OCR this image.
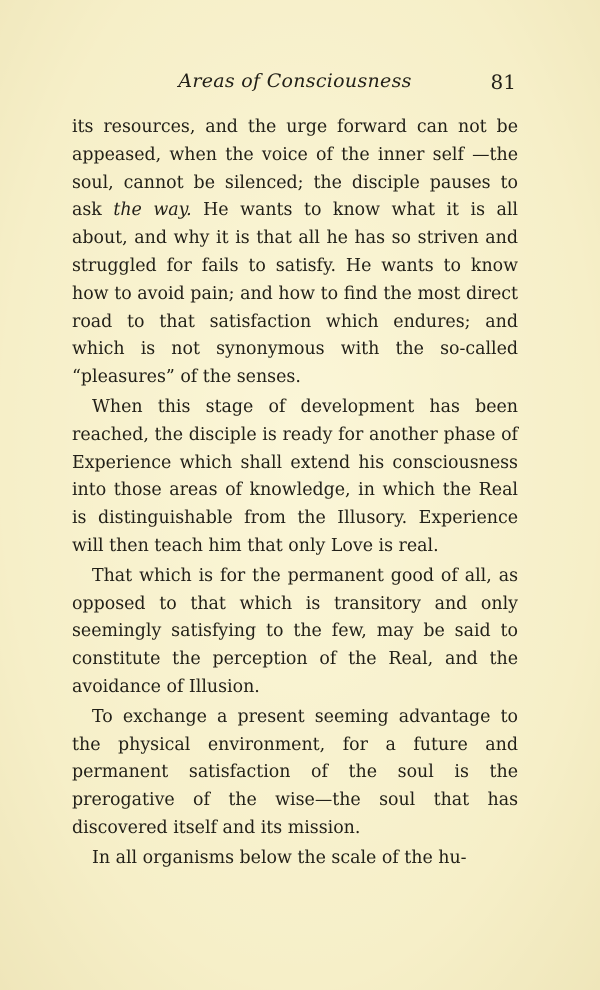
Areas of Consciousness	81

its resources, and the urge forward can not be appeased, when the voice of the inner self —the soul, cannot be silenced; the disciple pauses to ask the way. He wants to know what it is all about, and why it is that all he has so striven and struggled for fails to satisfy. He wants to know how to avoid pain; and how to find the most direct road to that satisfaction which endures; and which is not synonymous with the so-called “pleasures” of the senses.

When this stage of development has been reached, the disciple is ready for another phase of Experience which shall extend his consciousness into those areas of knowledge, in which the Real is distinguishable from the Illusory. Experience will then teach him that only Love is real.

That which is for the permanent good of all, as opposed to that which is transitory and only seemingly satisfying to the few, may be said to constitute the perception of the Real, and the avoidance of Illusion.

To exchange a present seeming advantage to the physical environment, for a future and permanent satisfaction of the soul is the prerogative of the wise—the soul that has discovered itself and its mission.

In all organisms below the scale of the hu-
